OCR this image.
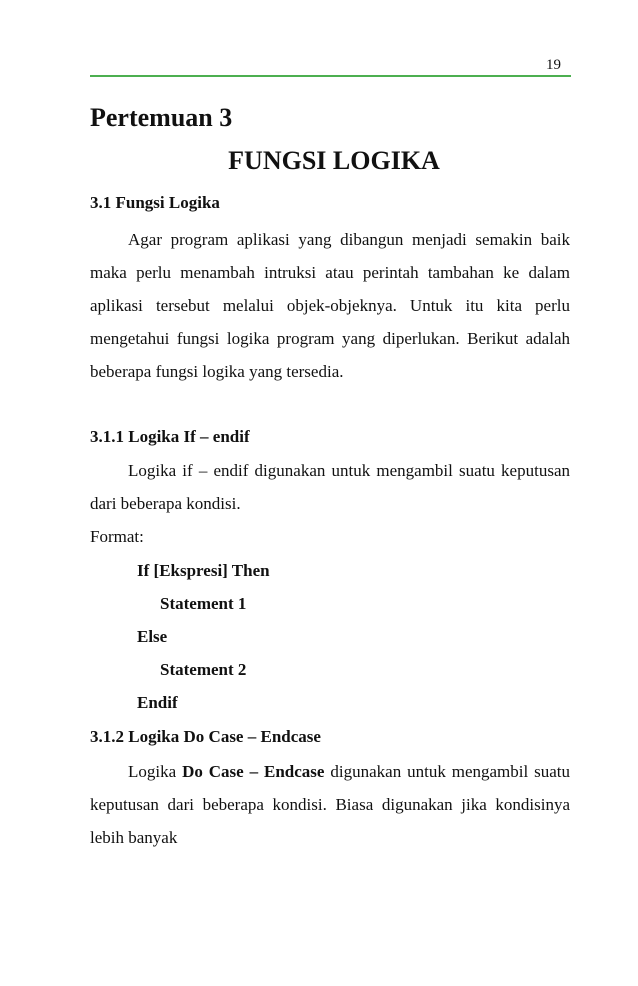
19
Pertemuan 3
FUNGSI LOGIKA
3.1 Fungsi Logika

Agar program aplikasi yang dibangun menjadi semakin baik maka perlu menambah intruksi atau perintah tambahan ke dalam aplikasi tersebut melalui objek-objeknya. Untuk itu kita perlu mengetahui fungsi logika program yang diperlukan. Berikut adalah beberapa fungsi logika yang tersedia.

3.1.1 Logika If – endif

Logika if – endif digunakan untuk mengambil suatu keputusan dari beberapa kondisi.

Format:
If [Ekspresi] Then
Statement 1
Else
Statement 2
Endif
3.1.2 Logika Do Case – Endcase

Logika Do Case – Endcase digunakan untuk mengambil suatu keputusan dari beberapa kondisi. Biasa digunakan jika kondisinya lebih banyak
